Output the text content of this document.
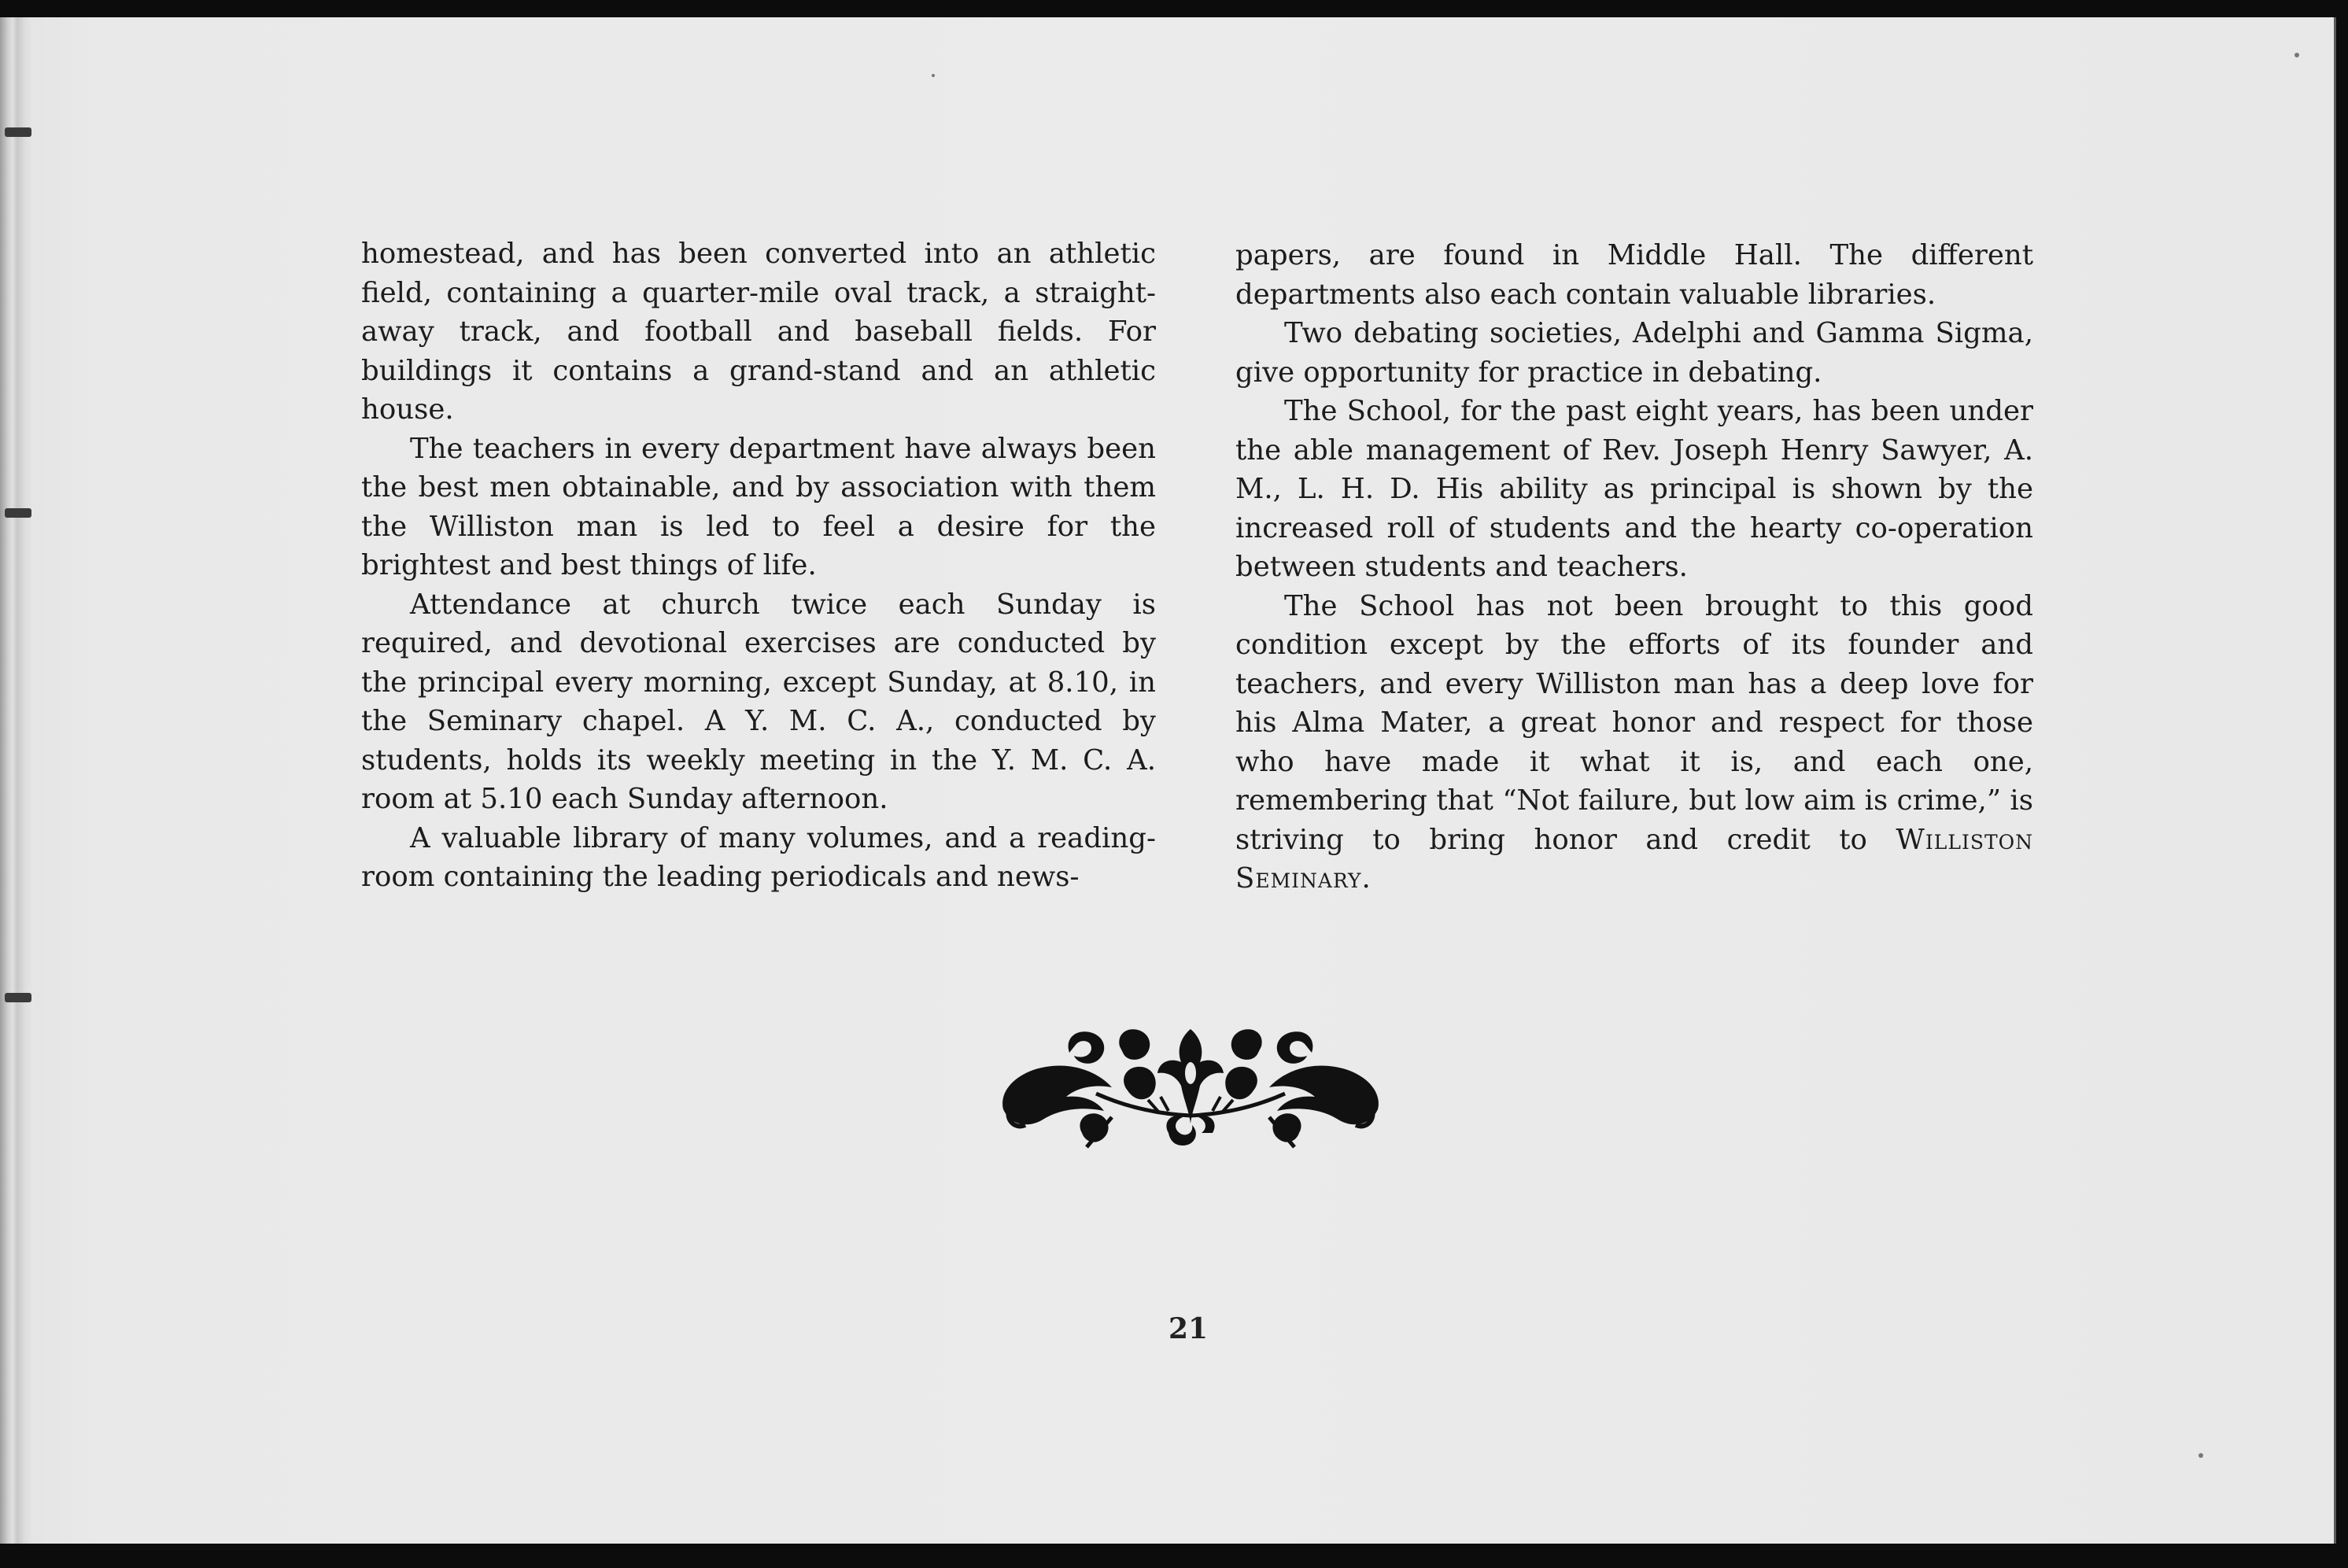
homestead, and has been converted into an athletic field, containing a quarter-mile oval track, a straight-away track, and football and baseball fields. For buildings it contains a grand-stand and an athletic house.

The teachers in every department have always been the best men obtainable, and by association with them the Williston man is led to feel a desire for the brightest and best things of life.

Attendance at church twice each Sunday is required, and devotional exercises are conducted by the principal every morning, except Sunday, at 8.10, in the Seminary chapel. A Y. M. C. A., conducted by students, holds its weekly meeting in the Y. M. C. A. room at 5.10 each Sunday afternoon.

A valuable library of many volumes, and a reading-room containing the leading periodicals and news-

papers, are found in Middle Hall. The different departments also each contain valuable libraries.

Two debating societies, Adelphi and Gamma Sigma, give opportunity for practice in debating.

The School, for the past eight years, has been under the able management of Rev. Joseph Henry Sawyer, A. M., L. H. D. His ability as principal is shown by the increased roll of students and the hearty co-operation between students and teachers.

The School has not been brought to this good condition except by the efforts of its founder and teachers, and every Williston man has a deep love for his Alma Mater, a great honor and respect for those who have made it what it is, and each one, remembering that “Not failure, but low aim is crime,” is striving to bring honor and credit to Williston Seminary.

21
